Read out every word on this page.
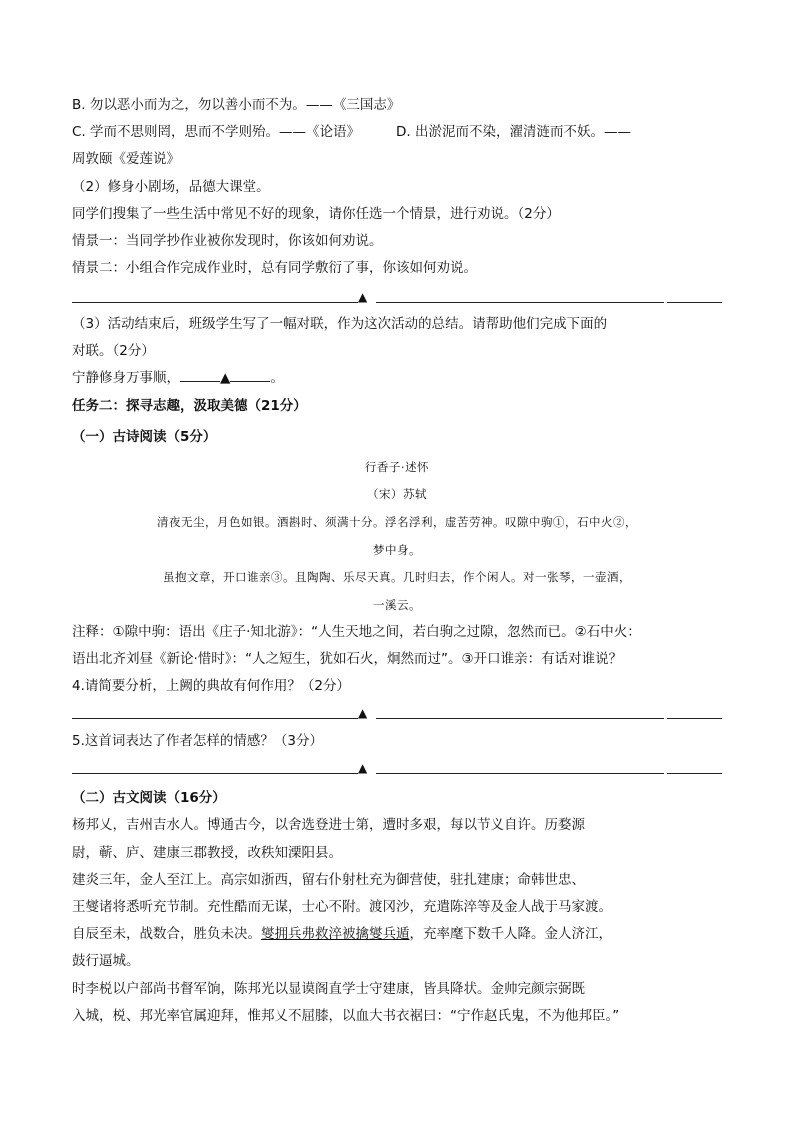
B. 勿以恶小而为之，勿以善小而不为。——《三国志》
C. 学而不思则罔，思而不学则殆。——《论语》	D. 出淤泥而不染，濯清涟而不妖。——
周敦颐《爱莲说》
（2）修身小剧场，品德大课堂。
同学们搜集了一些生活中常见不好的现象，请你任选一个情景，进行劝说。（2分）
情景一：当同学抄作业被你发现时，你该如何劝说。
情景二：小组合作完成作业时，总有同学敷衍了事，你该如何劝说。
▲
（3）活动结束后，班级学生写了一幅对联，作为这次活动的总结。请帮助他们完成下面的
对联。（2分）
宁静修身万事顺，	▲	。
任务二：探寻志趣，汲取美德（21分）
（一）古诗阅读（5分）
行香子·述怀
（宋）苏轼
清夜无尘，月色如银。酒斟时、须满十分。浮名浮利，虚苦劳神。叹隙中驹①，石中火②，
梦中身。
虽抱文章，开口谁亲③。且陶陶、乐尽天真。几时归去，作个闲人。对一张琴，一壶酒，
一溪云。
注释：①隙中驹：语出《庄子·知北游》：“人生天地之间，若白驹之过隙，忽然而已。②石中火：
语出北齐刘昼《新论·惜时》：“人之短生，犹如石火，炯然而过”。③开口谁亲：有话对谁说？
4.请简要分析，上阙的典故有何作用？（2分）
▲
5.这首词表达了作者怎样的情感？（3分）
▲
（二）古文阅读（16分）
杨邦乂，吉州吉水人。博通古今，以舍选登进士第，遭时多艰，每以节义自许。历婺源
尉，蕲、庐、建康三郡教授，改秩知溧阳县。
建炎三年，金人至江上。高宗如浙西，留右仆射杜充为御营使，驻扎建康；命韩世忠、
王燮诸将悉听充节制。充性酷而无谋，士心不附。渡冈沙，充遣陈淬等及金人战于马家渡。
自辰至未，战数合，胜负未决。燮拥兵弗救淬被擒燮兵遁，充率麾下数千人降。金人济江，
鼓行逼城。
时李棁以户部尚书督军饷，陈邦光以显谟阁直学士守建康，皆具降状。金帅完颜宗弼既
入城，棁、邦光率官属迎拜，惟邦乂不屈膝，以血大书衣裾曰：“宁作赵氏鬼，不为他邦臣。”
